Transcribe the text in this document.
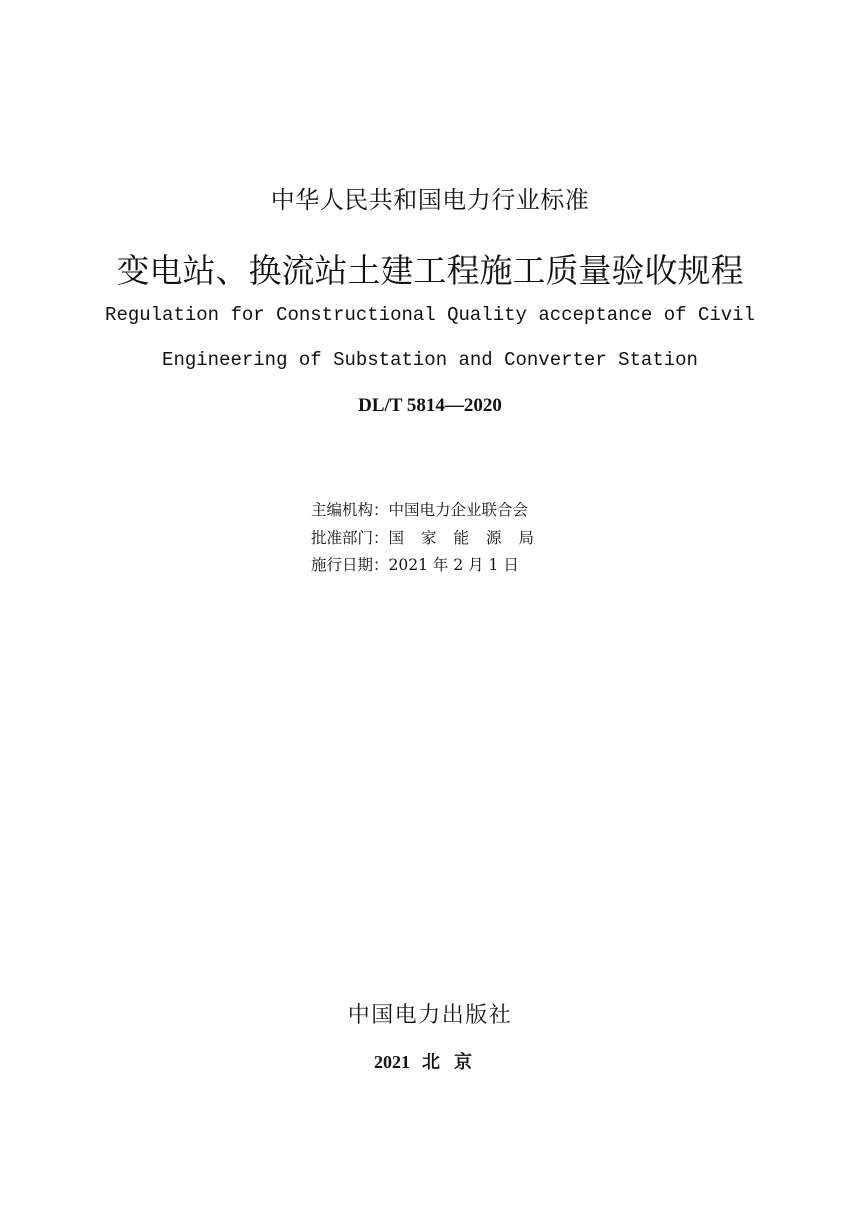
中华人民共和国电力行业标准

变电站、换流站土建工程施工质量验收规程

Regulation for Constructional Quality acceptance of Civil

Engineering of Substation and Converter Station

DL/T 5814—2020

主编机构：中国电力企业联合会

批准部门：国家能源局

施行日期：2021 年 2 月 1 日

中国电力出版社

2021 北京
